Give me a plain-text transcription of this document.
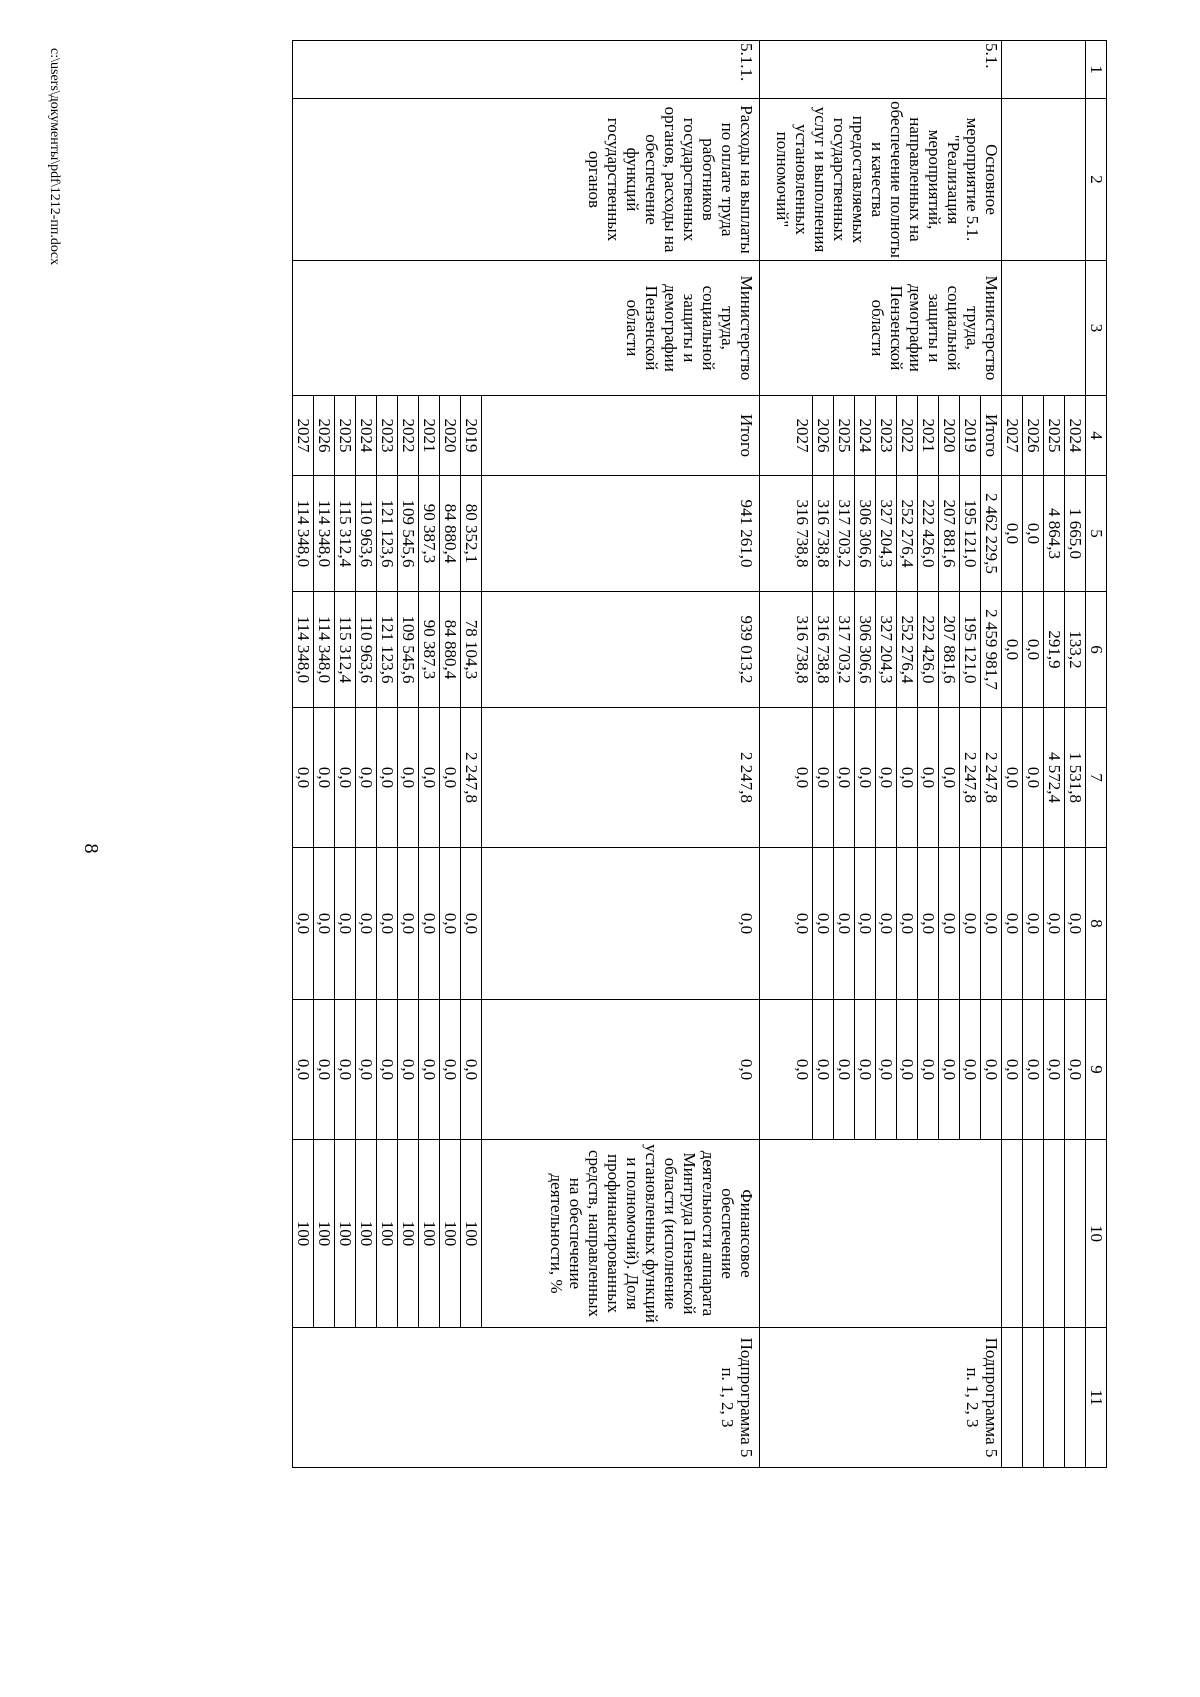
8
1	2	3	4	5	6	7	8	9	10	11
			2024	1 665,0	133,2	1 531,8	0,0	0,0		
			2025	4 864,3	291,9	4 572,4	0,0	0,0		
			2026	0,0	0,0	0,0	0,0	0,0		
			2027	0,0	0,0	0,0	0,0	0,0		
5.1.	Основное мероприятие 5.1. "Реализация мероприятий, направленных на обеспечение полноты и качества предоставляемых государственных услуг и выполнения установленных полномочий"	Министерство труда, социальной защиты и демографии Пензенской области	Итого	2 462 229,5	2 459 981,7	2 247,8	0,0	0,0		Подпрограмма 5 п. 1, 2, 3
			2019	195 121,0	195 121,0	2 247,8	0,0	0,0		
			2020	207 881,6	207 881,6	0,0	0,0	0,0		
			2021	222 426,0	222 426,0	0,0	0,0	0,0		
			2022	252 276,4	252 276,4	0,0	0,0	0,0		
			2023	327 204,3	327 204,3	0,0	0,0	0,0		
			2024	306 306,6	306 306,6	0,0	0,0	0,0		
			2025	317 703,2	317 703,2	0,0	0,0	0,0		
			2026	316 738,8	316 738,8	0,0	0,0	0,0		
			2027	316 738,8	316 738,8	0,0	0,0	0,0		
5.1.1.	Расходы на выплаты по оплате труда работников государственных органов, расходы на обеспечение функций государственных органов	Министерство труда, социальной защиты и демографии Пензенской области	Итого	941 261,0	939 013,2	2 247,8	0,0	0,0	Финансовое обеспечение деятельности аппарата Минтруда Пензенской области (исполнение установленных функций и полномочий). Доля профинансированных средств, направленных на обеспечение деятельности, %	Подпрограмма 5 п. 1, 2, 3
			2019	80 352,1	78 104,3	2 247,8	0,0	0,0	100	
			2020	84 880,4	84 880,4	0,0	0,0	0,0	100	
			2021	90 387,3	90 387,3	0,0	0,0	0,0	100	
			2022	109 545,6	109 545,6	0,0	0,0	0,0	100	
			2023	121 123,6	121 123,6	0,0	0,0	0,0	100	
			2024	110 963,6	110 963,6	0,0	0,0	0,0	100	
			2025	115 312,4	115 312,4	0,0	0,0	0,0	100	
			2026	114 348,0	114 348,0	0,0	0,0	0,0	100	
			2027	114 348,0	114 348,0	0,0	0,0	0,0	100	
c:\users\документы\pdf\1212-пп.docx
